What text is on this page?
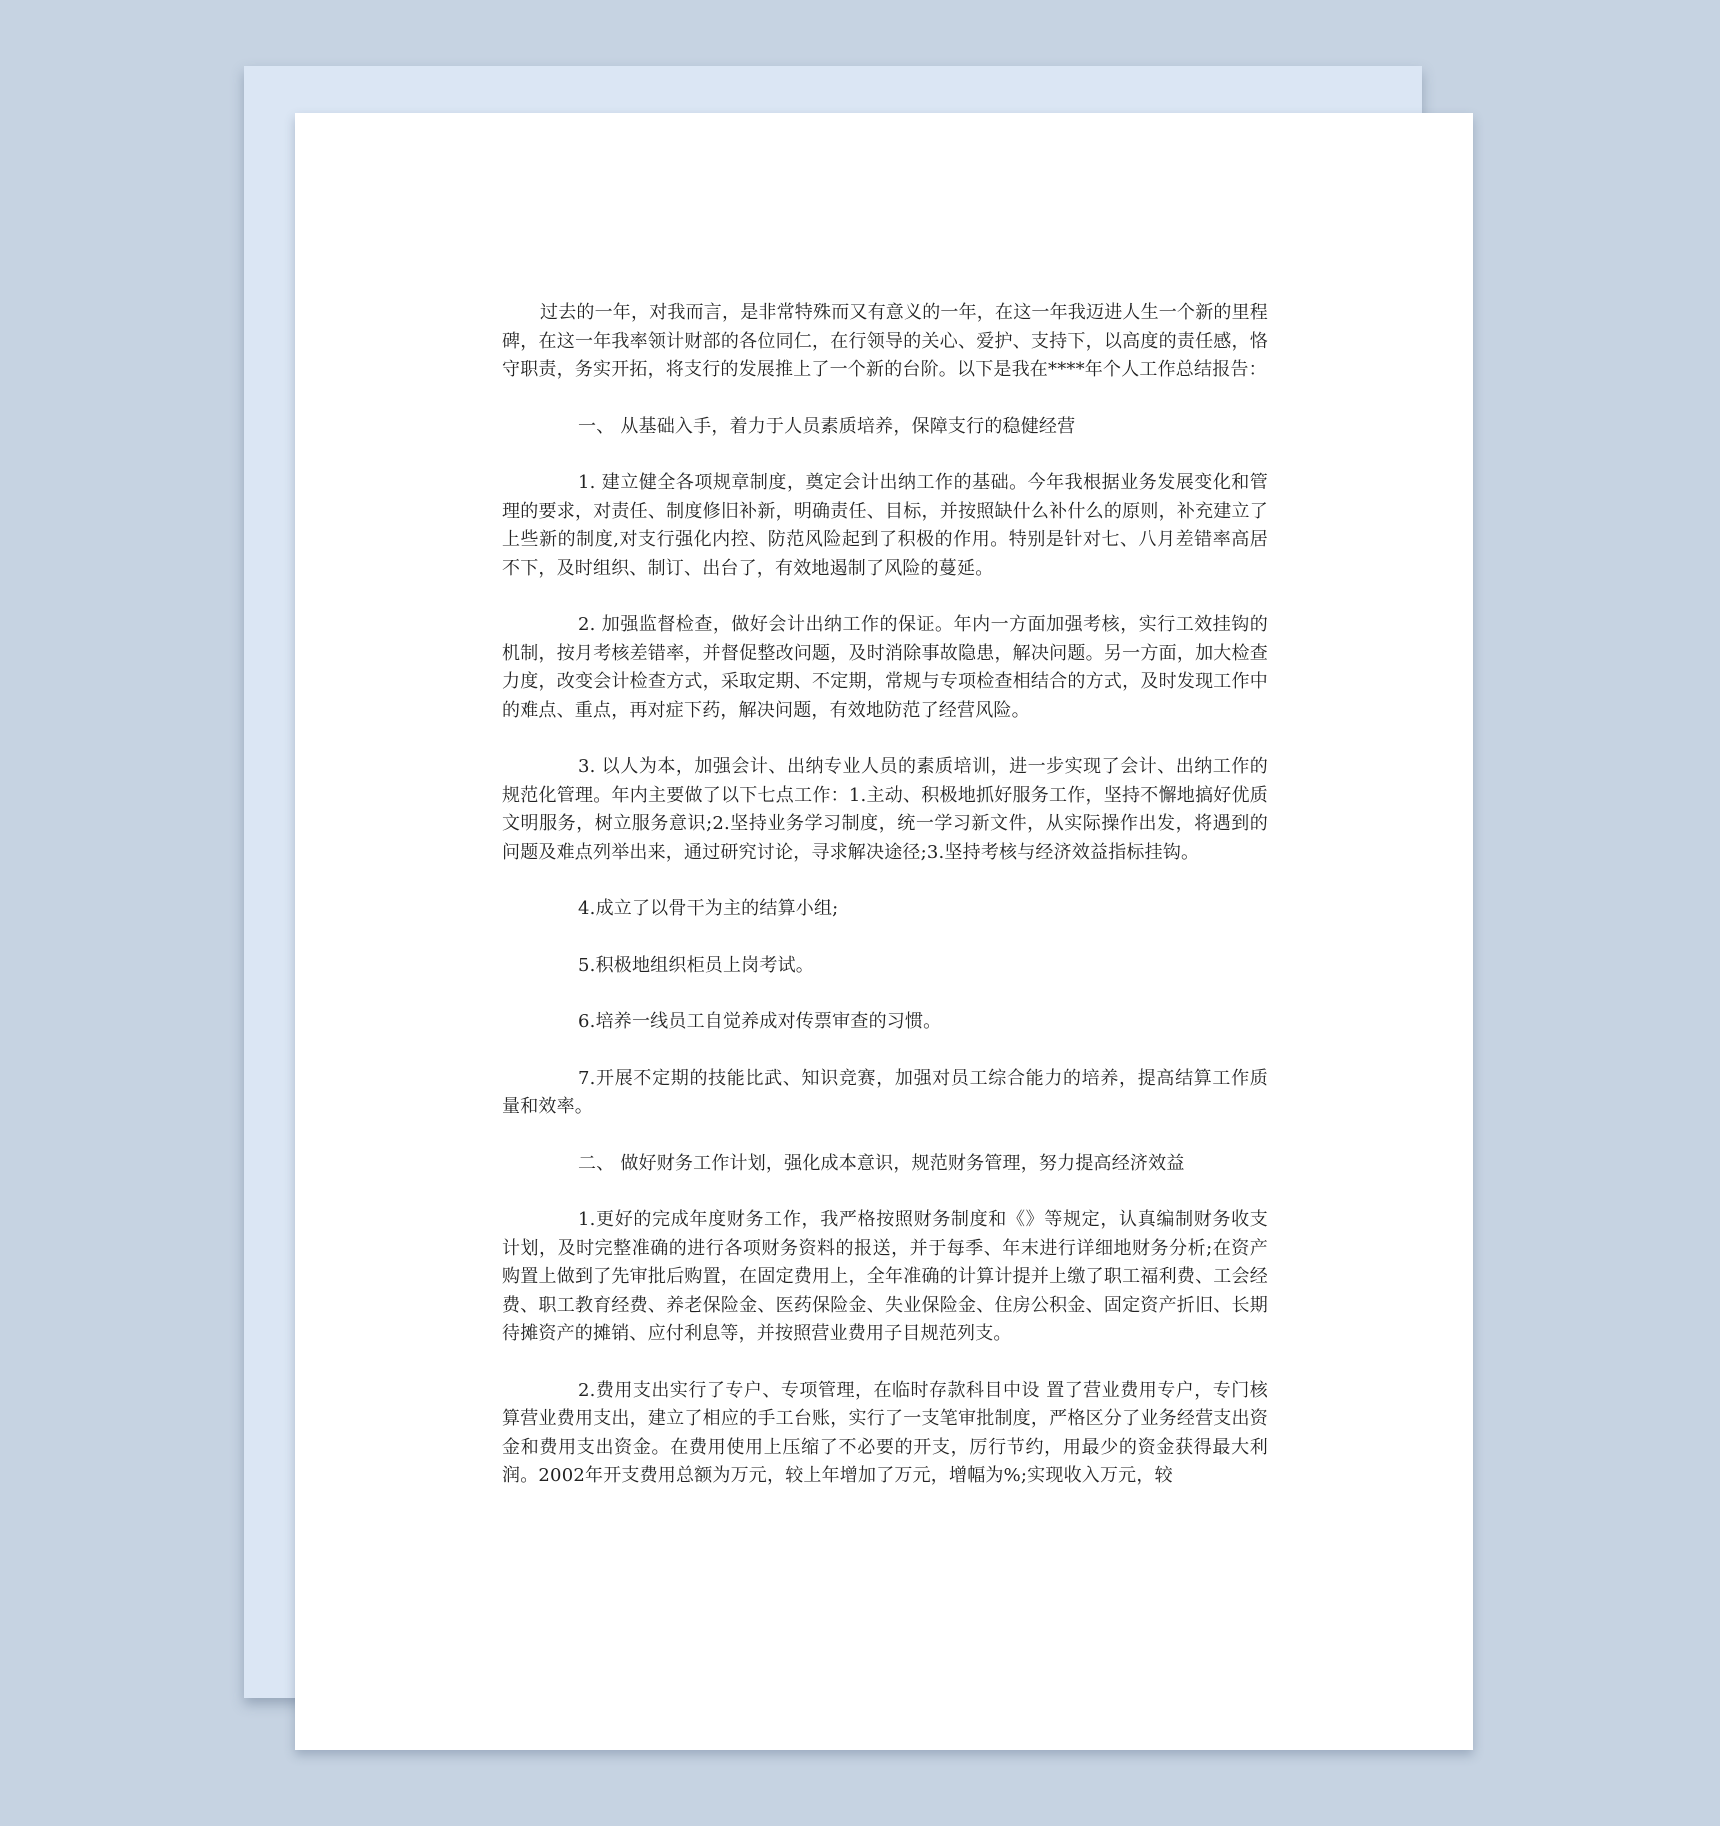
过去的一年，对我而言，是非常特殊而又有意义的一年，在这一年我迈进人生一个新的里程碑，在这一年我率领计财部的各位同仁，在行领导的关心、爱护、支持下，以高度的责任感，恪守职责，务实开拓，将支行的发展推上了一个新的台阶。以下是我在****年个人工作总结报告：

一、 从基础入手，着力于人员素质培养，保障支行的稳健经营

1. 建立健全各项规章制度，奠定会计出纳工作的基础。今年我根据业务发展变化和管理的要求，对责任、制度修旧补新，明确责任、目标，并按照缺什么补什么的原则，补充建立了上些新的制度,对支行强化内控、防范风险起到了积极的作用。特别是针对七、八月差错率高居不下，及时组织、制订、出台了，有效地遏制了风险的蔓延。

2. 加强监督检查，做好会计出纳工作的保证。年内一方面加强考核，实行工效挂钩的机制，按月考核差错率，并督促整改问题，及时消除事故隐患，解决问题。另一方面，加大检查力度，改变会计检查方式，采取定期、不定期，常规与专项检查相结合的方式，及时发现工作中的难点、重点，再对症下药，解决问题，有效地防范了经营风险。

3. 以人为本，加强会计、出纳专业人员的素质培训，进一步实现了会计、出纳工作的规范化管理。年内主要做了以下七点工作：1.主动、积极地抓好服务工作，坚持不懈地搞好优质文明服务，树立服务意识;2.坚持业务学习制度，统一学习新文件，从实际操作出发，将遇到的问题及难点列举出来，通过研究讨论，寻求解决途径;3.坚持考核与经济效益指标挂钩。

4.成立了以骨干为主的结算小组;

5.积极地组织柜员上岗考试。

6.培养一线员工自觉养成对传票审查的习惯。

7.开展不定期的技能比武、知识竞赛，加强对员工综合能力的培养，提高结算工作质量和效率。

二、 做好财务工作计划，强化成本意识，规范财务管理，努力提高经济效益

1.更好的完成年度财务工作，我严格按照财务制度和《》等规定，认真编制财务收支计划，及时完整准确的进行各项财务资料的报送，并于每季、年末进行详细地财务分析;在资产购置上做到了先审批后购置，在固定费用上，全年准确的计算计提并上缴了职工福利费、工会经费、职工教育经费、养老保险金、医药保险金、失业保险金、住房公积金、固定资产折旧、长期待摊资产的摊销、应付利息等，并按照营业费用子目规范列支。

2.费用支出实行了专户、专项管理，在临时存款科目中设 置了营业费用专户，专门核算营业费用支出，建立了相应的手工台账，实行了一支笔审批制度，严格区分了业务经营支出资金和费用支出资金。在费用使用上压缩了不必要的开支，厉行节约，用最少的资金获得最大利润。2002年开支费用总额为万元，较上年增加了万元，增幅为%;实现收入万元，较
